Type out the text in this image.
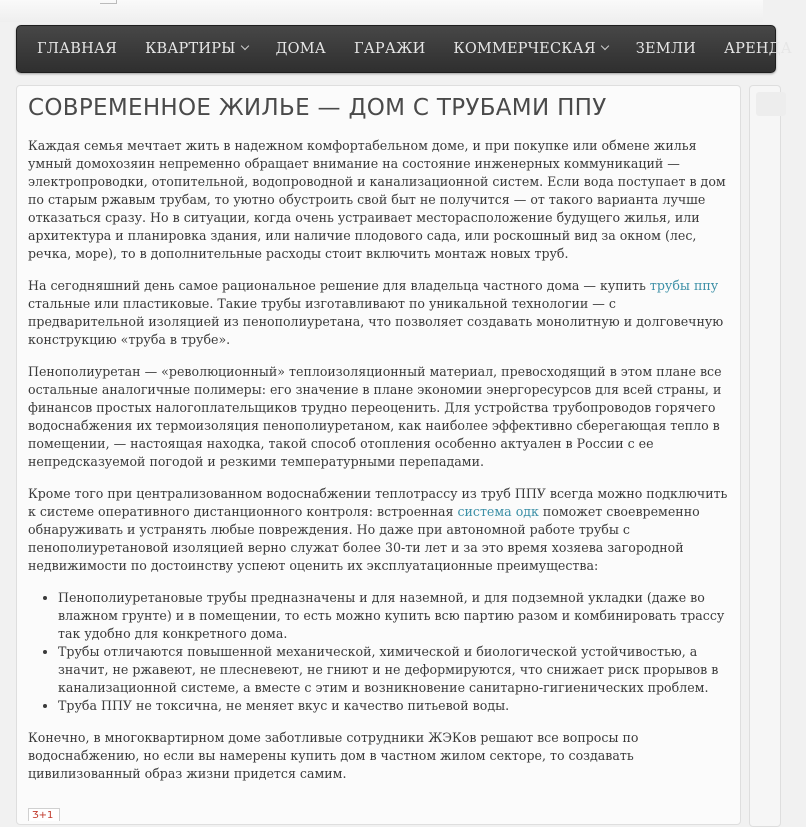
ГЛАВНАЯ КВАРТИРЫ	ДОМА ГАРАЖИ КОММЕРЧЕСКАЯ	ЗЕМЛИ АРЕНДА
СОВРЕМЕННОЕ ЖИЛЬЕ — ДОМ С ТРУБАМИ ППУ

Каждая семья мечтает жить в надежном комфортабельном доме, и при покупке или обмене жилья умный домохозяин непременно обращает внимание на состояние инженерных коммуникаций — электропроводки, отопительной, водопроводной и канализационной систем. Если вода поступает в дом по старым ржавым трубам, то уютно обустроить свой быт не получится — от такого варианта лучше отказаться сразу. Но в ситуации, когда очень устраивает месторасположение будущего жилья, или архитектура и планировка здания, или наличие плодового сада, или роскошный вид за окном (лес, речка, море), то в дополнительные расходы стоит включить монтаж новых труб.

На сегодняшний день самое рациональное решение для владельца частного дома — купить трубы ппу стальные или пластиковые. Такие трубы изготавливают по уникальной технологии — с предварительной изоляцией из пенополиуретана, что позволяет создавать монолитную и долговечную конструкцию «труба в трубе».

Пенополиуретан — «революционный» теплоизоляционный материал, превосходящий в этом плане все остальные аналогичные полимеры: его значение в плане экономии энергоресурсов для всей страны, и финансов простых налогоплательщиков трудно переоценить. Для устройства трубопроводов горячего водоснабжения их термоизоляция пенополиуретаном, как наиболее эффективно сберегающая тепло в помещении, — настоящая находка, такой способ отопления особенно актуален в России с ее непредсказуемой погодой и резкими температурными перепадами.

Кроме того при централизованном водоснабжении теплотрассу из труб ППУ всегда можно подключить к системе оперативного дистанционного контроля: встроенная система одк поможет своевременно обнаруживать и устранять любые повреждения. Но даже при автономной работе трубы с пенополиуретановой изоляцией верно служат более 30-ти лет и за это время хозяева загородной недвижимости по достоинству успеют оценить их эксплуатационные преимущества:

• Пенополиуретановые трубы предназначены и для наземной, и для подземной укладки (даже во влажном грунте) и в помещении, то есть можно купить всю партию разом и комбинировать трассу так удобно для конкретного дома.
• Трубы отличаются повышенной механической, химической и биологической устойчивостью, а значит, не ржавеют, не плесневеют, не гниют и не деформируются, что снижает риск прорывов в канализационной системе, а вместе с этим и возникновение санитарно-гигиенических проблем.
• Труба ППУ не токсична, не меняет вкус и качество питьевой воды.

Конечно, в многоквартирном доме заботливые сотрудники ЖЭКов решают все вопросы по водоснабжению, но если вы намерены купить дом в частном жилом секторе, то создавать цивилизованный образ жизни придется самим.

Ӡ+1
